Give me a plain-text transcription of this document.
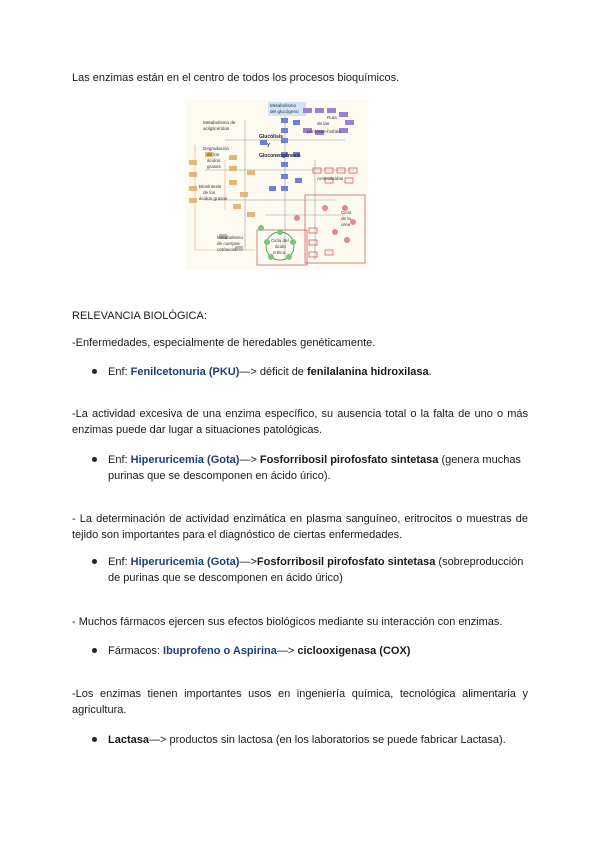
Las enzimas están en el centro de todos los procesos bioquímicos.

Metabolismo
del glucógeno
Metabolismo de
acilglicéridos
Ruta
de las
pentosas-fosfato
Glucólisis
y
Gluconeogénesis
Degradación
de los
ácidos
grasos
Biosíntesis
de los
ácidos grasos
Aminoácidos
Ciclo
de la
urea
Metabolismo
de cuerpos
cetónicos
Ciclo del
ácido
cítrico

RELEVANCIA BIOLÓGICA:

-Enfermedades, especialmente de heredables genéticamente.

Enf: Fenilcetonuria (PKU)—> déficit de fenilalanina hidroxilasa.

-La actividad excesiva de una enzima específico, su ausencia total o la falta de uno o más enzimas puede dar lugar a situaciones patológicas.

Enf: Hiperuricemia (Gota)—> Fosforribosil pirofosfato sintetasa (genera muchas purinas que se descomponen en ácido úrico).

- La determinación de actividad enzimática en plasma sanguíneo, eritrocitos o muestras de tejido son importantes para el diagnóstico de ciertas enfermedades.

Enf: Hiperuricemia (Gota)—>Fosforribosil pirofosfato sintetasa (sobreproducción de purinas que se descomponen en ácido úrico)

- Muchos fármacos ejercen sus efectos biológicos mediante su interacción con enzimas.

Fármacos: Ibuprofeno o Aspirina—> ciclooxigenasa (COX)

-Los enzimas tienen importantes usos en ingeniería química, tecnológica alimentaria y agricultura.

Lactasa—> productos sin lactosa (en los laboratorios se puede fabricar Lactasa).
